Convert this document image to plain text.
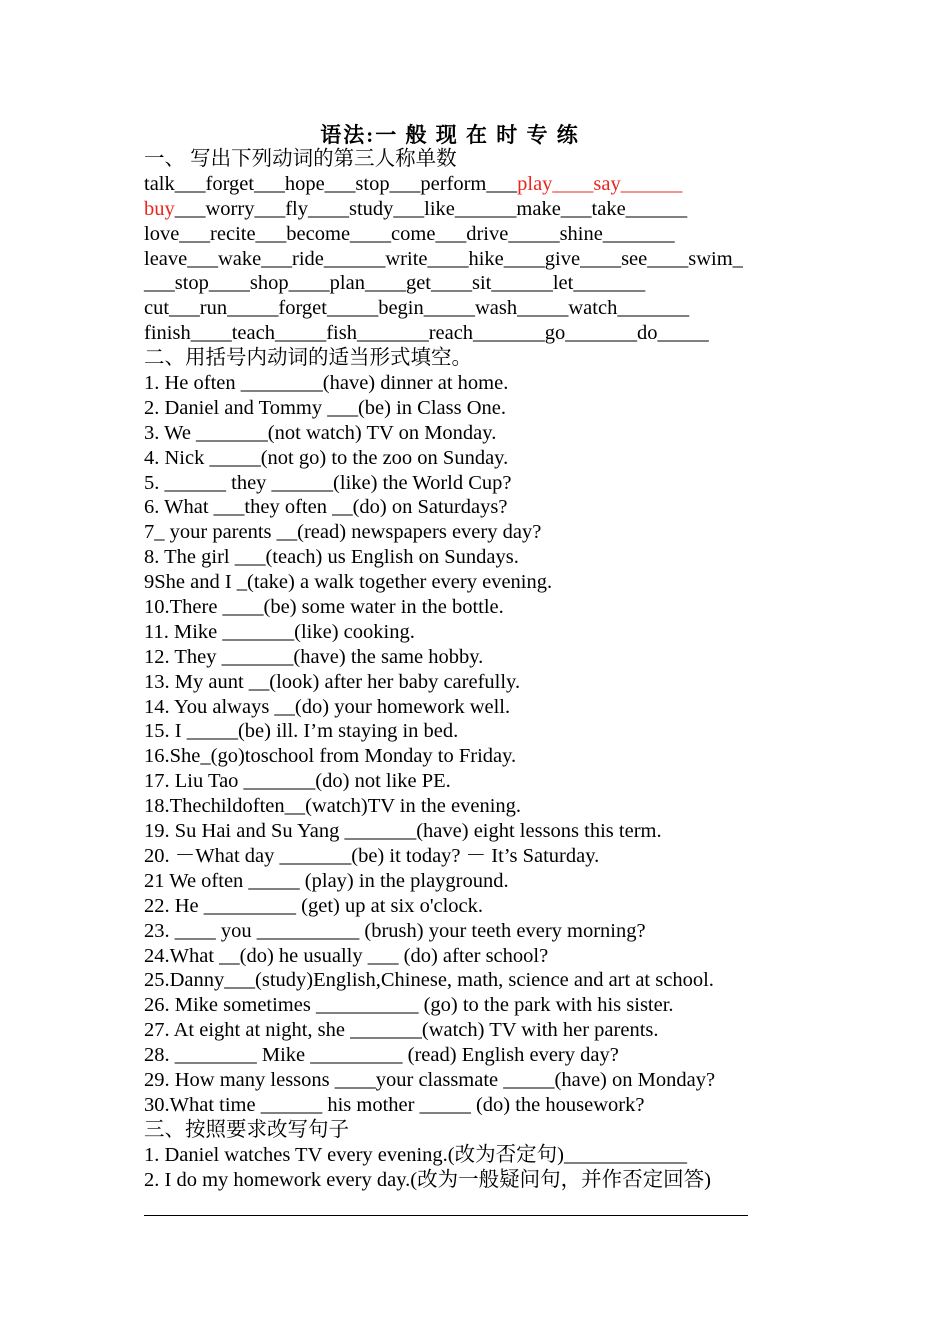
语法:一 般 现 在 时 专 练
一、 写出下列动词的第三人称单数
talk___forget___hope___stop___perform___play____say______
buy___worry___fly____study___like______make___take______
love___recite___become____come___drive_____shine_______
leave___wake___ride______write____hike____give____see____swim_
___stop____shop____plan____get____sit______let_______
cut___run_____forget_____begin_____wash_____watch_______
finish____teach_____fish_______reach_______go_______do_____
二、用括号内动词的适当形式填空。
1. He often ________(have) dinner at home.
2. Daniel and Tommy ___(be) in Class One.
3. We _______(not watch) TV on Monday.
4. Nick _____(not go) to the zoo on Sunday.
5. ______ they ______(like) the World Cup?
6. What ___they often __(do) on Saturdays?
7_ your parents __(read) newspapers every day?
8. The girl ___(teach) us English on Sundays.
9She and I _(take) a walk together every evening.
10.There ____(be) some water in the bottle.
11. Mike _______(like) cooking.
12. They _______(have) the same hobby.
13. My aunt __(look) after her baby carefully.
14. You always __(do) your homework well.
15. I _____(be) ill. I’m staying in bed.
16.She_(go)toschool from Monday to Friday.
17. Liu Tao _______(do) not like PE.
18.Thechildoften__(watch)TV in the evening.
19. Su Hai and Su Yang _______(have) eight lessons this term.
20. －What day _______(be) it today? － It’s Saturday.
21 We often _____ (play) in the playground.
22. He _________ (get) up at six o'clock.
23. ____ you __________ (brush) your teeth every morning?
24.What __(do) he usually ___ (do) after school?
25.Danny___(study)English,Chinese, math, science and art at school.
26. Mike sometimes __________ (go) to the park with his sister.
27. At eight at night, she _______(watch) TV with her parents.
28. ________ Mike _________ (read) English every day?
29. How many lessons ____your classmate _____(have) on Monday?
30.What time ______ his mother _____ (do) the housework?
三、按照要求改写句子
1. Daniel watches TV every evening.(改为否定句)____________
2. I do my homework every day.(改为一般疑问句，并作否定回答)
